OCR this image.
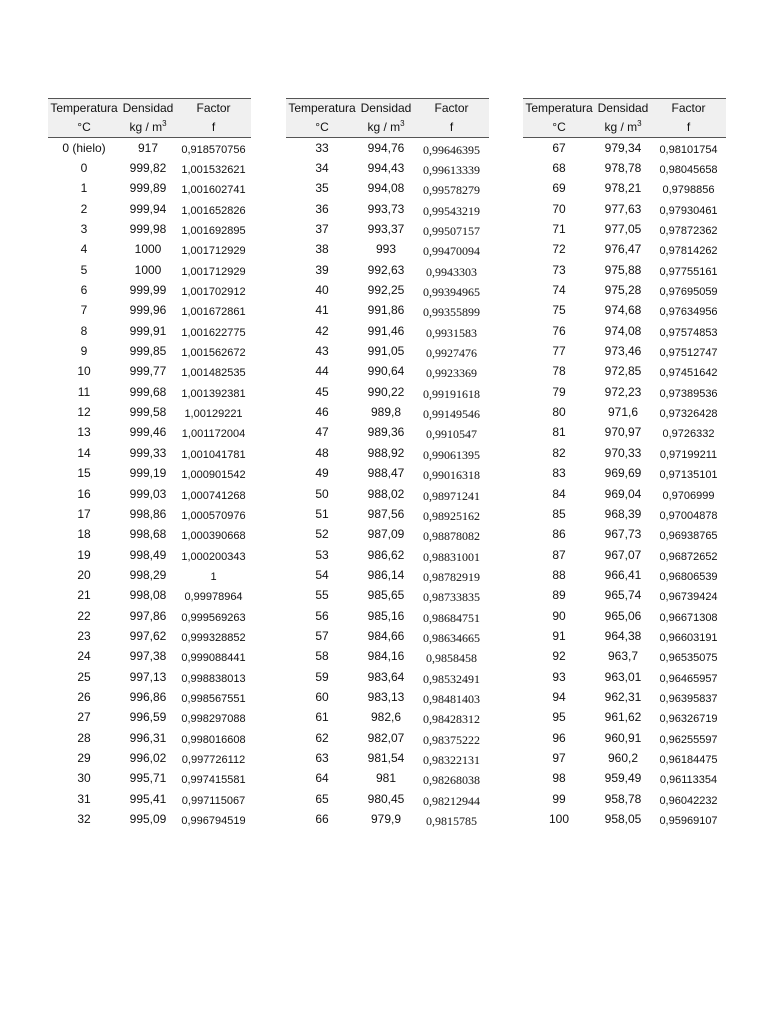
Temperatura	Densidad	Factor
°C	kg / $m^3$	f
0 (hielo)	917	0,918570756
0	999,82	1,001532621
1	999,89	1,001602741
2	999,94	1,001652826
3	999,98	1,001692895
4	1000	1,001712929
5	1000	1,001712929
6	999,99	1,001702912
7	999,96	1,001672861
8	999,91	1,001622775
9	999,85	1,001562672
10	999,77	1,001482535
11	999,68	1,001392381
12	999,58	1,00129221
13	999,46	1,001172004
14	999,33	1,001041781
15	999,19	1,000901542
16	999,03	1,000741268
17	998,86	1,000570976
18	998,68	1,000390668
19	998,49	1,000200343
20	998,29	1
21	998,08	0,99978964
22	997,86	0,999569263
23	997,62	0,999328852
24	997,38	0,999088441
25	997,13	0,998838013
26	996,86	0,998567551
27	996,59	0,998297088
28	996,31	0,998016608
29	996,02	0,997726112
30	995,71	0,997415581
31	995,41	0,997115067
32	995,09	0,996794519
Temperatura	Densidad	Factor
°C	kg / $m^3$	f
33	994,76	0,99646395
34	994,43	0,99613339
35	994,08	0,99578279
36	993,73	0,99543219
37	993,37	0,99507157
38	993	0,99470094
39	992,63	0,9943303
40	992,25	0,99394965
41	991,86	0,99355899
42	991,46	0,9931583
43	991,05	0,9927476
44	990,64	0,9923369
45	990,22	0,99191618
46	989,8	0,99149546
47	989,36	0,9910547
48	988,92	0,99061395
49	988,47	0,99016318
50	988,02	0,98971241
51	987,56	0,98925162
52	987,09	0,98878082
53	986,62	0,98831001
54	986,14	0,98782919
55	985,65	0,98733835
56	985,16	0,98684751
57	984,66	0,98634665
58	984,16	0,9858458
59	983,64	0,98532491
60	983,13	0,98481403
61	982,6	0,98428312
62	982,07	0,98375222
63	981,54	0,98322131
64	981	0,98268038
65	980,45	0,98212944
66	979,9	0,9815785
Temperatura	Densidad	Factor
°C	kg / $m^3$	f
67	979,34	0,98101754
68	978,78	0,98045658
69	978,21	0,9798856
70	977,63	0,97930461
71	977,05	0,97872362
72	976,47	0,97814262
73	975,88	0,97755161
74	975,28	0,97695059
75	974,68	0,97634956
76	974,08	0,97574853
77	973,46	0,97512747
78	972,85	0,97451642
79	972,23	0,97389536
80	971,6	0,97326428
81	970,97	0,9726332
82	970,33	0,97199211
83	969,69	0,97135101
84	969,04	0,9706999
85	968,39	0,97004878
86	967,73	0,96938765
87	967,07	0,96872652
88	966,41	0,96806539
89	965,74	0,96739424
90	965,06	0,96671308
91	964,38	0,96603191
92	963,7	0,96535075
93	963,01	0,96465957
94	962,31	0,96395837
95	961,62	0,96326719
96	960,91	0,96255597
97	960,2	0,96184475
98	959,49	0,96113354
99	958,78	0,96042232
100	958,05	0,95969107
